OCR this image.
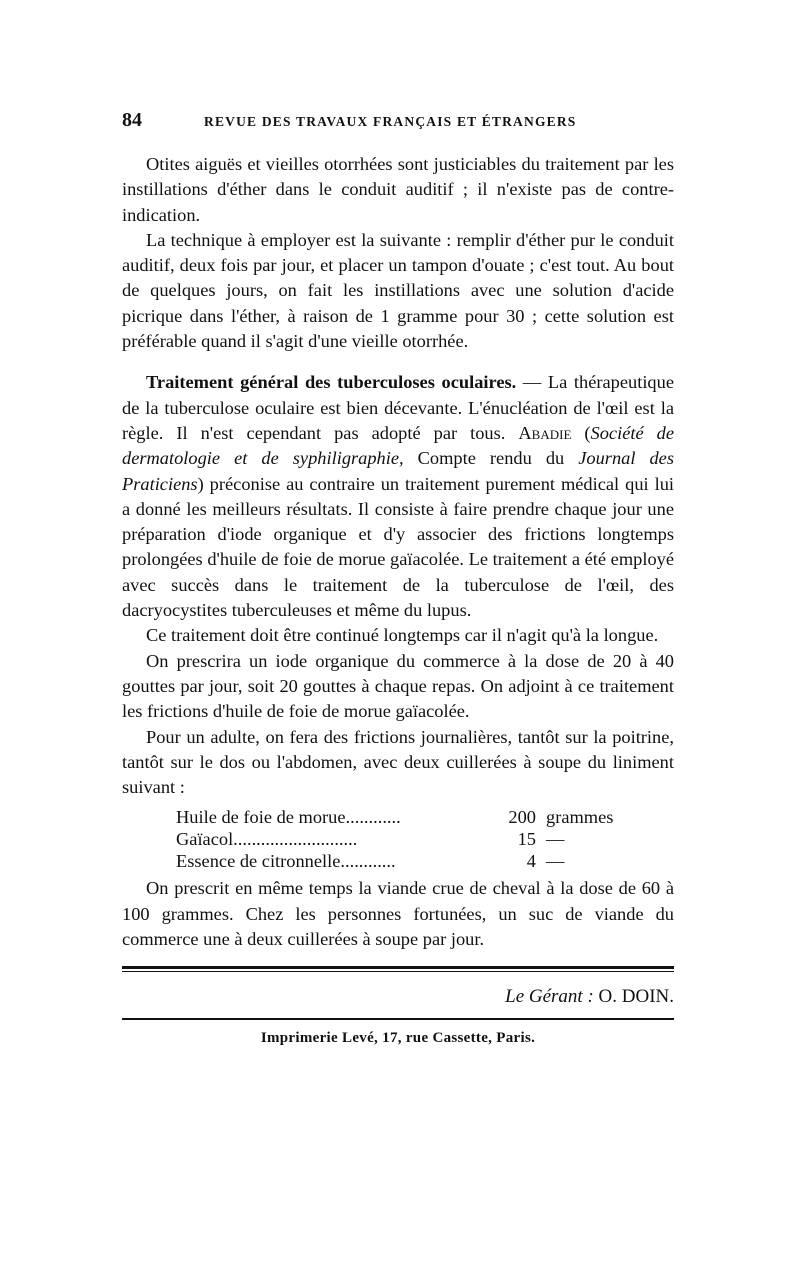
84	REVUE DES TRAVAUX FRANÇAIS ET ÉTRANGERS

Otites aiguës et vieilles otorrhées sont justiciables du traitement par les instillations d'éther dans le conduit auditif ; il n'existe pas de contre-indication.

La technique à employer est la suivante : remplir d'éther pur le conduit auditif, deux fois par jour, et placer un tampon d'ouate ; c'est tout. Au bout de quelques jours, on fait les instillations avec une solution d'acide picrique dans l'éther, à raison de 1 gramme pour 30 ; cette solution est préférable quand il s'agit d'une vieille otorrhée.

Traitement général des tuberculoses oculaires. — La thérapeutique de la tuberculose oculaire est bien décevante. L'énucléation de l'œil est la règle. Il n'est cependant pas adopté par tous. Abadie (Société de dermatologie et de syphiligraphie, Compte rendu du Journal des Praticiens) préconise au contraire un traitement purement médical qui lui a donné les meilleurs résultats. Il consiste à faire prendre chaque jour une préparation d'iode organique et d'y associer des frictions longtemps prolongées d'huile de foie de morue gaïacolée. Le traitement a été employé avec succès dans le traitement de la tuberculose de l'œil, des dacryocystites tuberculeuses et même du lupus.

Ce traitement doit être continué longtemps car il n'agit qu'à la longue.

On prescrira un iode organique du commerce à la dose de 20 à 40 gouttes par jour, soit 20 gouttes à chaque repas. On adjoint à ce traitement les frictions d'huile de foie de morue gaïacolée.

Pour un adulte, on fera des frictions journalières, tantôt sur la poitrine, tantôt sur le dos ou l'abdomen, avec deux cuillerées à soupe du liniment suivant :

Huile de foie de morue............	200	grammes
Gaïacol...........................	15	—
Essence de citronnelle............	4	—

On prescrit en même temps la viande crue de cheval à la dose de 60 à 100 grammes. Chez les personnes fortunées, un suc de viande du commerce une à deux cuillerées à soupe par jour.

Le Gérant : O. DOIN.
Imprimerie Levé, 17, rue Cassette, Paris.
